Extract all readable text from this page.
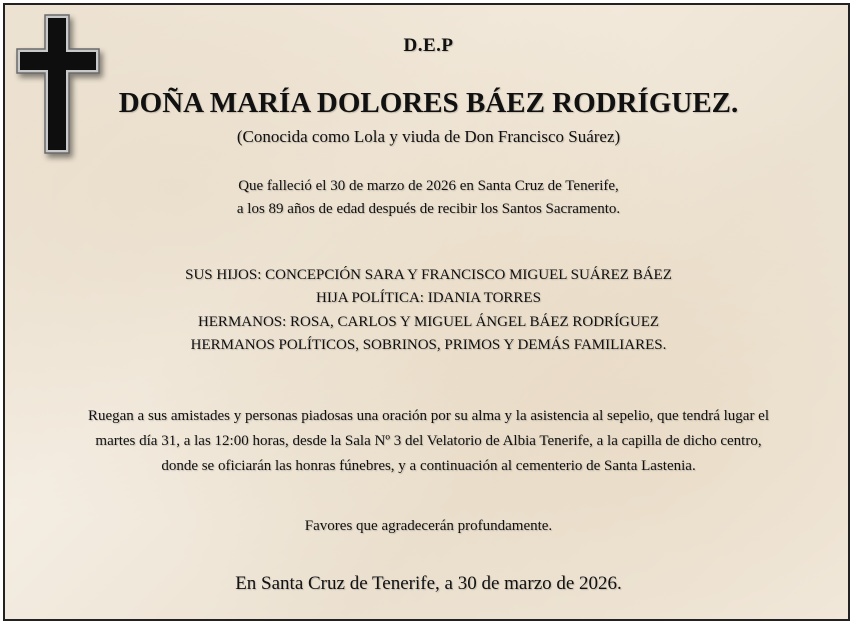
D.E.P
DOÑA MARÍA DOLORES BÁEZ RODRÍGUEZ.
(Conocida como Lola y viuda de Don Francisco Suárez)
Que falleció el 30 de marzo de 2026 en Santa Cruz de Tenerife,
a los 89 años de edad después de recibir los Santos Sacramento.
SUS HIJOS: CONCEPCIÓN SARA Y FRANCISCO MIGUEL SUÁREZ BÁEZ
HIJA POLÍTICA: IDANIA TORRES
HERMANOS: ROSA, CARLOS Y MIGUEL ÁNGEL BÁEZ RODRÍGUEZ
HERMANOS POLÍTICOS, SOBRINOS, PRIMOS Y DEMÁS FAMILIARES.
Ruegan a sus amistades y personas piadosas una oración por su alma y la asistencia al sepelio, que tendrá lugar el
martes día 31, a las 12:00 horas, desde la Sala Nº 3 del Velatorio de Albia Tenerife, a la capilla de dicho centro,
donde se oficiarán las honras fúnebres, y a continuación al cementerio de Santa Lastenia.
Favores que agradecerán profundamente.
En Santa Cruz de Tenerife, a 30 de marzo de 2026.
